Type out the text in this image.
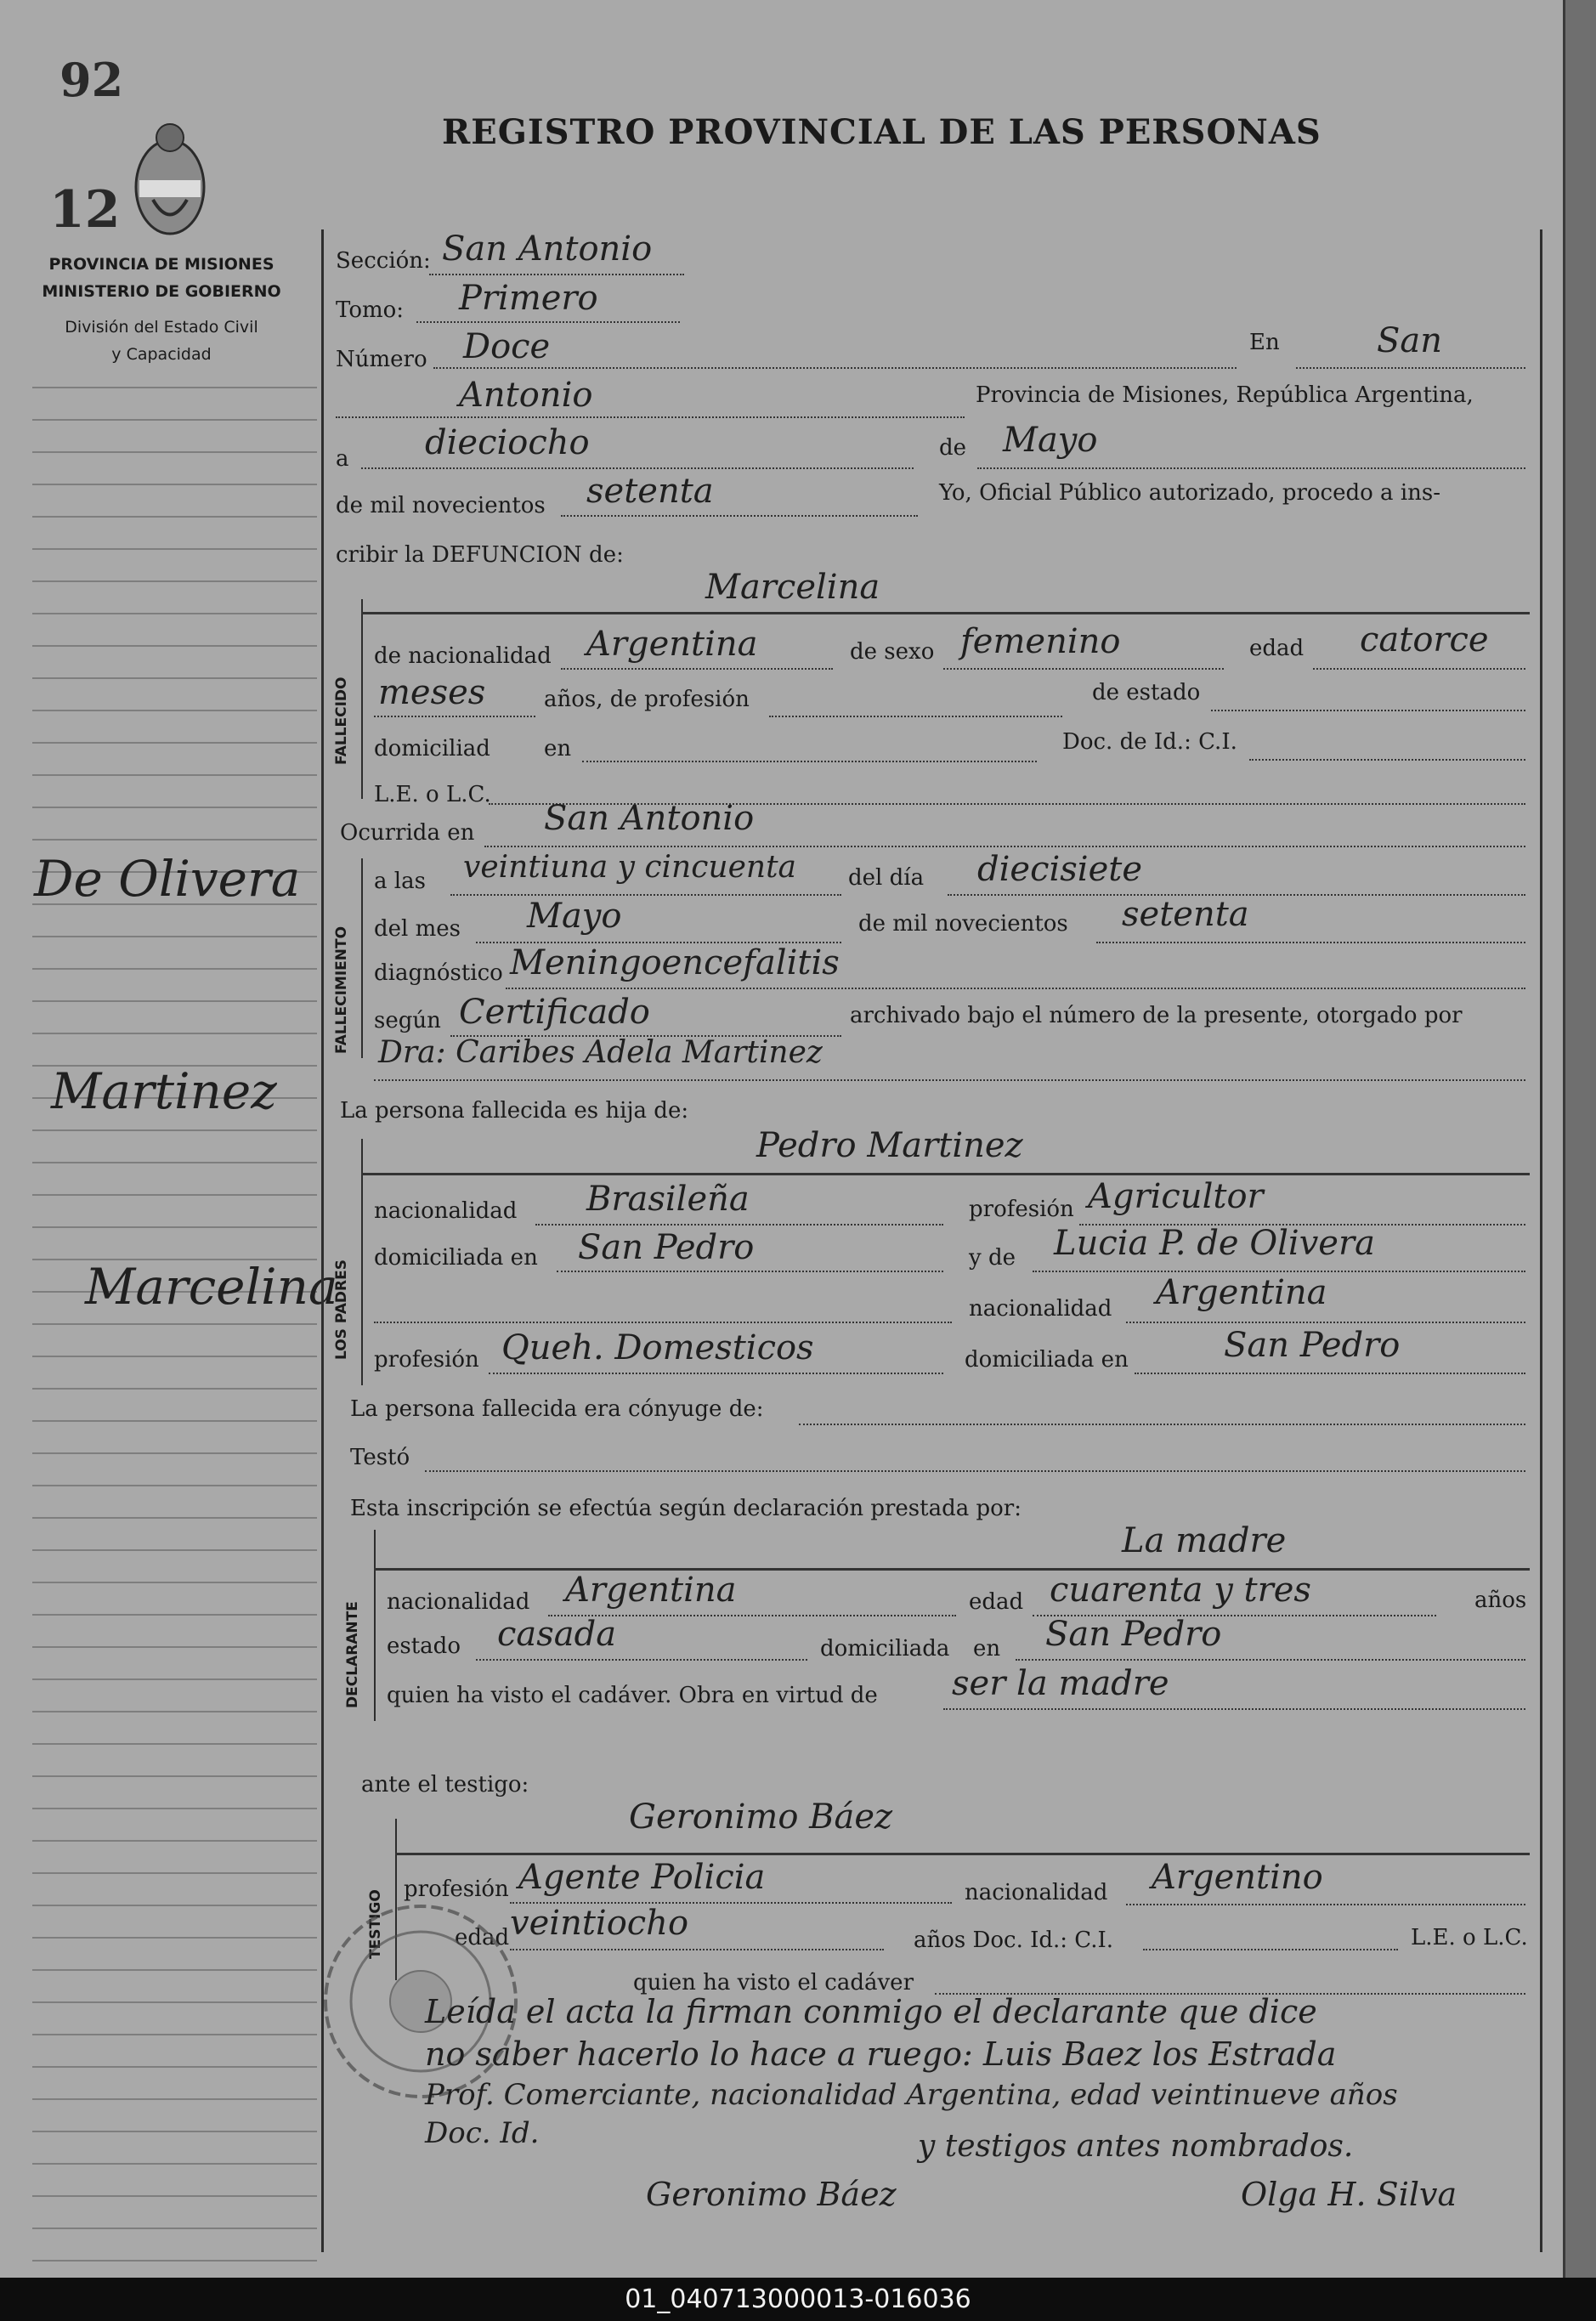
92
12
REGISTRO PROVINCIAL DE LAS PERSONAS
PROVINCIA DE MISIONES
MINISTERIO DE GOBIERNO
División del Estado Civil
y Capacidad
De Olivera
Martinez
Marcelina
Sección: San Antonio
Tomo: Primero
Número Doce	En	San
Antonio	Provincia de Misiones, República Argentina,
a dieciocho	de Mayo
de mil novecientos setenta	Yo, Oficial Público autorizado, procedo a ins-
cribir la DEFUNCION de:
FALLECIDO
Marcelina
de nacionalidad Argentina	de sexo femenino	edad catorce
meses	años, de profesión	de estado
domiciliad en	Doc. de Id.: C.I.
L.E. o L.C.
Ocurrida en San Antonio
FALLECIMIENTO
a las veintiuna y cincuenta del día diecisiete
del mes Mayo	de mil novecientos setenta
diagnóstico Meningoencefalitis
según Certificado	archivado bajo el número de la presente, otorgado por
Dra: Caribes Adela Martinez
La persona fallecida es hija de:
LOS PADRES
Pedro Martinez
nacionalidad Brasileña	profesión Agricultor
domiciliada en San Pedro	y de Lucia P. de Olivera
nacionalidad Argentina
profesión Queh. Domesticos	domiciliada en	San Pedro
La persona fallecida era cónyuge de:
Testó
Esta inscripción se efectúa según declaración prestada por:
DECLARANTE
La madre
nacionalidad Argentina	edad cuarenta y tres	años
estado casada	domiciliada en San Pedro
quien ha visto el cadáver. Obra en virtud de ser la madre
ante el testigo:
TESTIGO
Geronimo Báez
profesión Agente Policia	nacionalidad Argentino
edad veintiocho	años Doc. Id.: C.I.	L.E. o L.C.
quien ha visto el cadáver
Leída el acta la firman conmigo el declarante que dice
no saber hacerlo lo hace a ruego: Luis Baez los Estrada
Prof. Comerciante, nacionalidad Argentina, edad veintinueve años
Doc. Id.	y testigos antes nombrados.
Geronimo Báez	Olga H. Silva
01_040713000013-016036
